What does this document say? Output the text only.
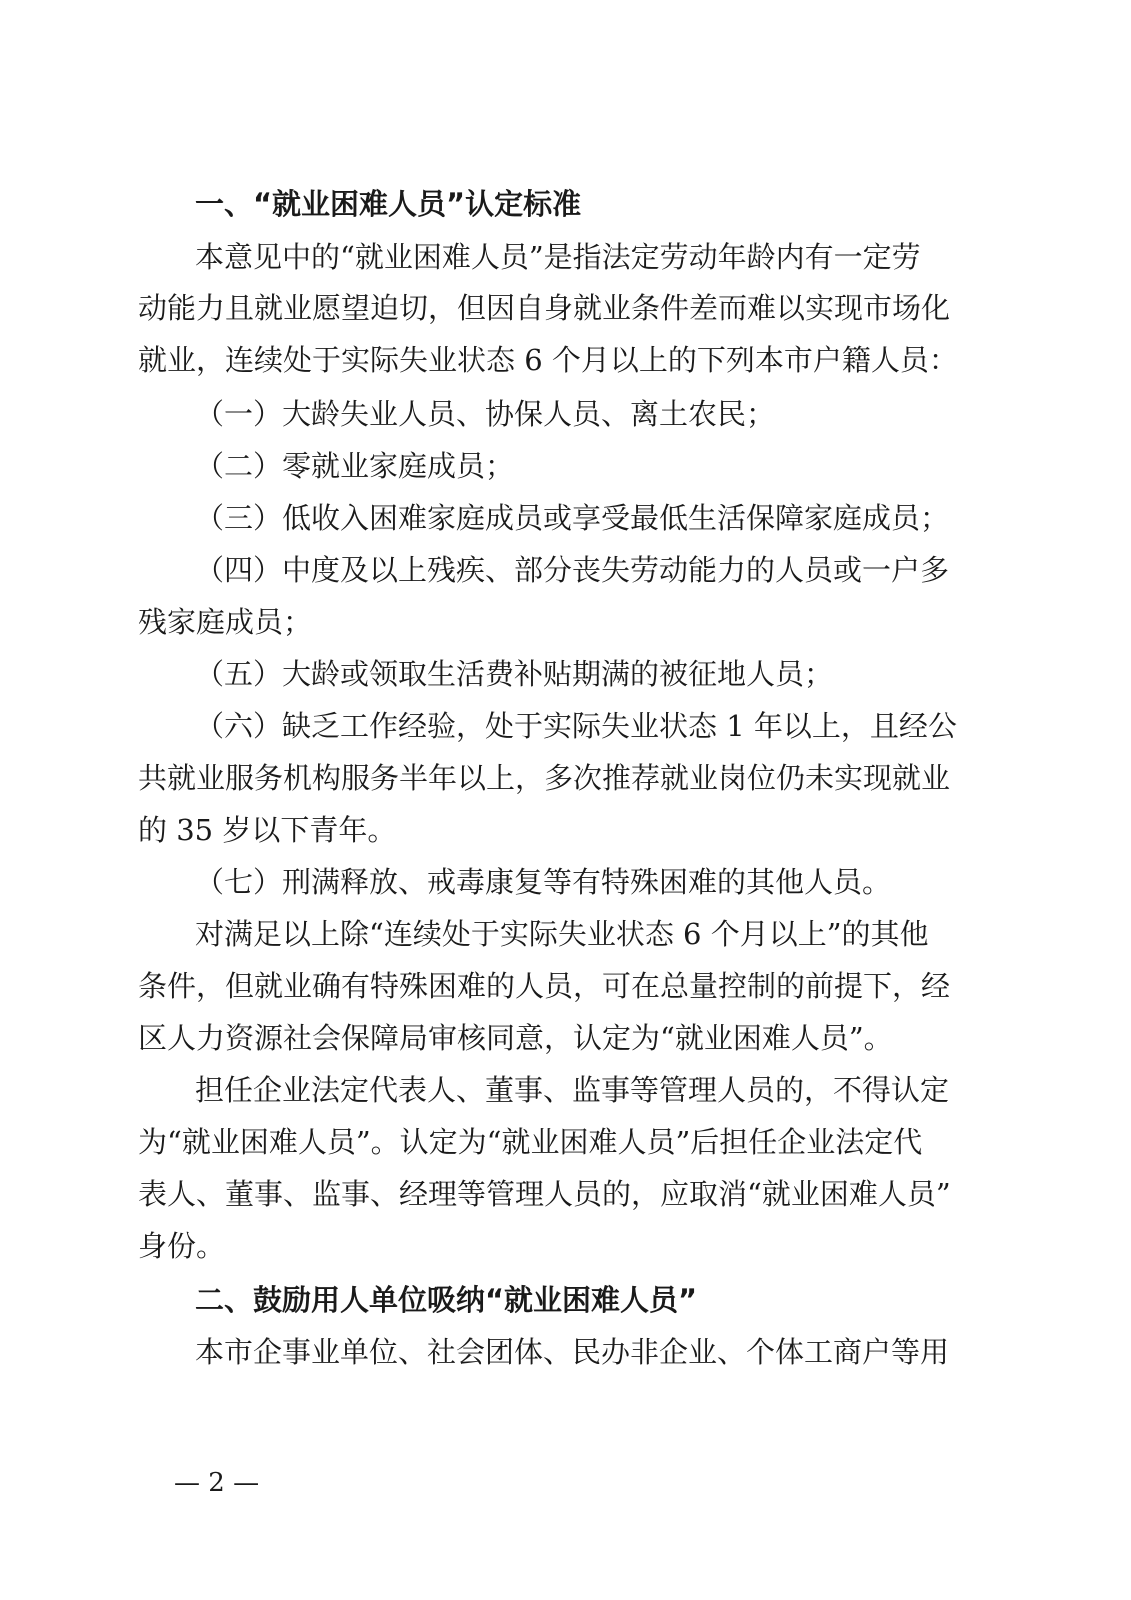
一、“就业困难人员”认定标准
本意见中的“就业困难人员”是指法定劳动年龄内有一定劳
动能力且就业愿望迫切，但因自身就业条件差而难以实现市场化
就业，连续处于实际失业状态 6 个月以上的下列本市户籍人员：
（一）大龄失业人员、协保人员、离土农民；
（二）零就业家庭成员；
（三）低收入困难家庭成员或享受最低生活保障家庭成员；
（四）中度及以上残疾、部分丧失劳动能力的人员或一户多
残家庭成员；
（五）大龄或领取生活费补贴期满的被征地人员；
（六）缺乏工作经验，处于实际失业状态 1 年以上，且经公
共就业服务机构服务半年以上，多次推荐就业岗位仍未实现就业
的 35 岁以下青年。
（七）刑满释放、戒毒康复等有特殊困难的其他人员。
对满足以上除“连续处于实际失业状态 6 个月以上”的其他
条件，但就业确有特殊困难的人员，可在总量控制的前提下，经
区人力资源社会保障局审核同意，认定为“就业困难人员”。
担任企业法定代表人、董事、监事等管理人员的，不得认定
为“就业困难人员”。认定为“就业困难人员”后担任企业法定代
表人、董事、监事、经理等管理人员的，应取消“就业困难人员”
身份。
二、鼓励用人单位吸纳“就业困难人员”
本市企事业单位、社会团体、民办非企业、个体工商户等用
— 2 —
